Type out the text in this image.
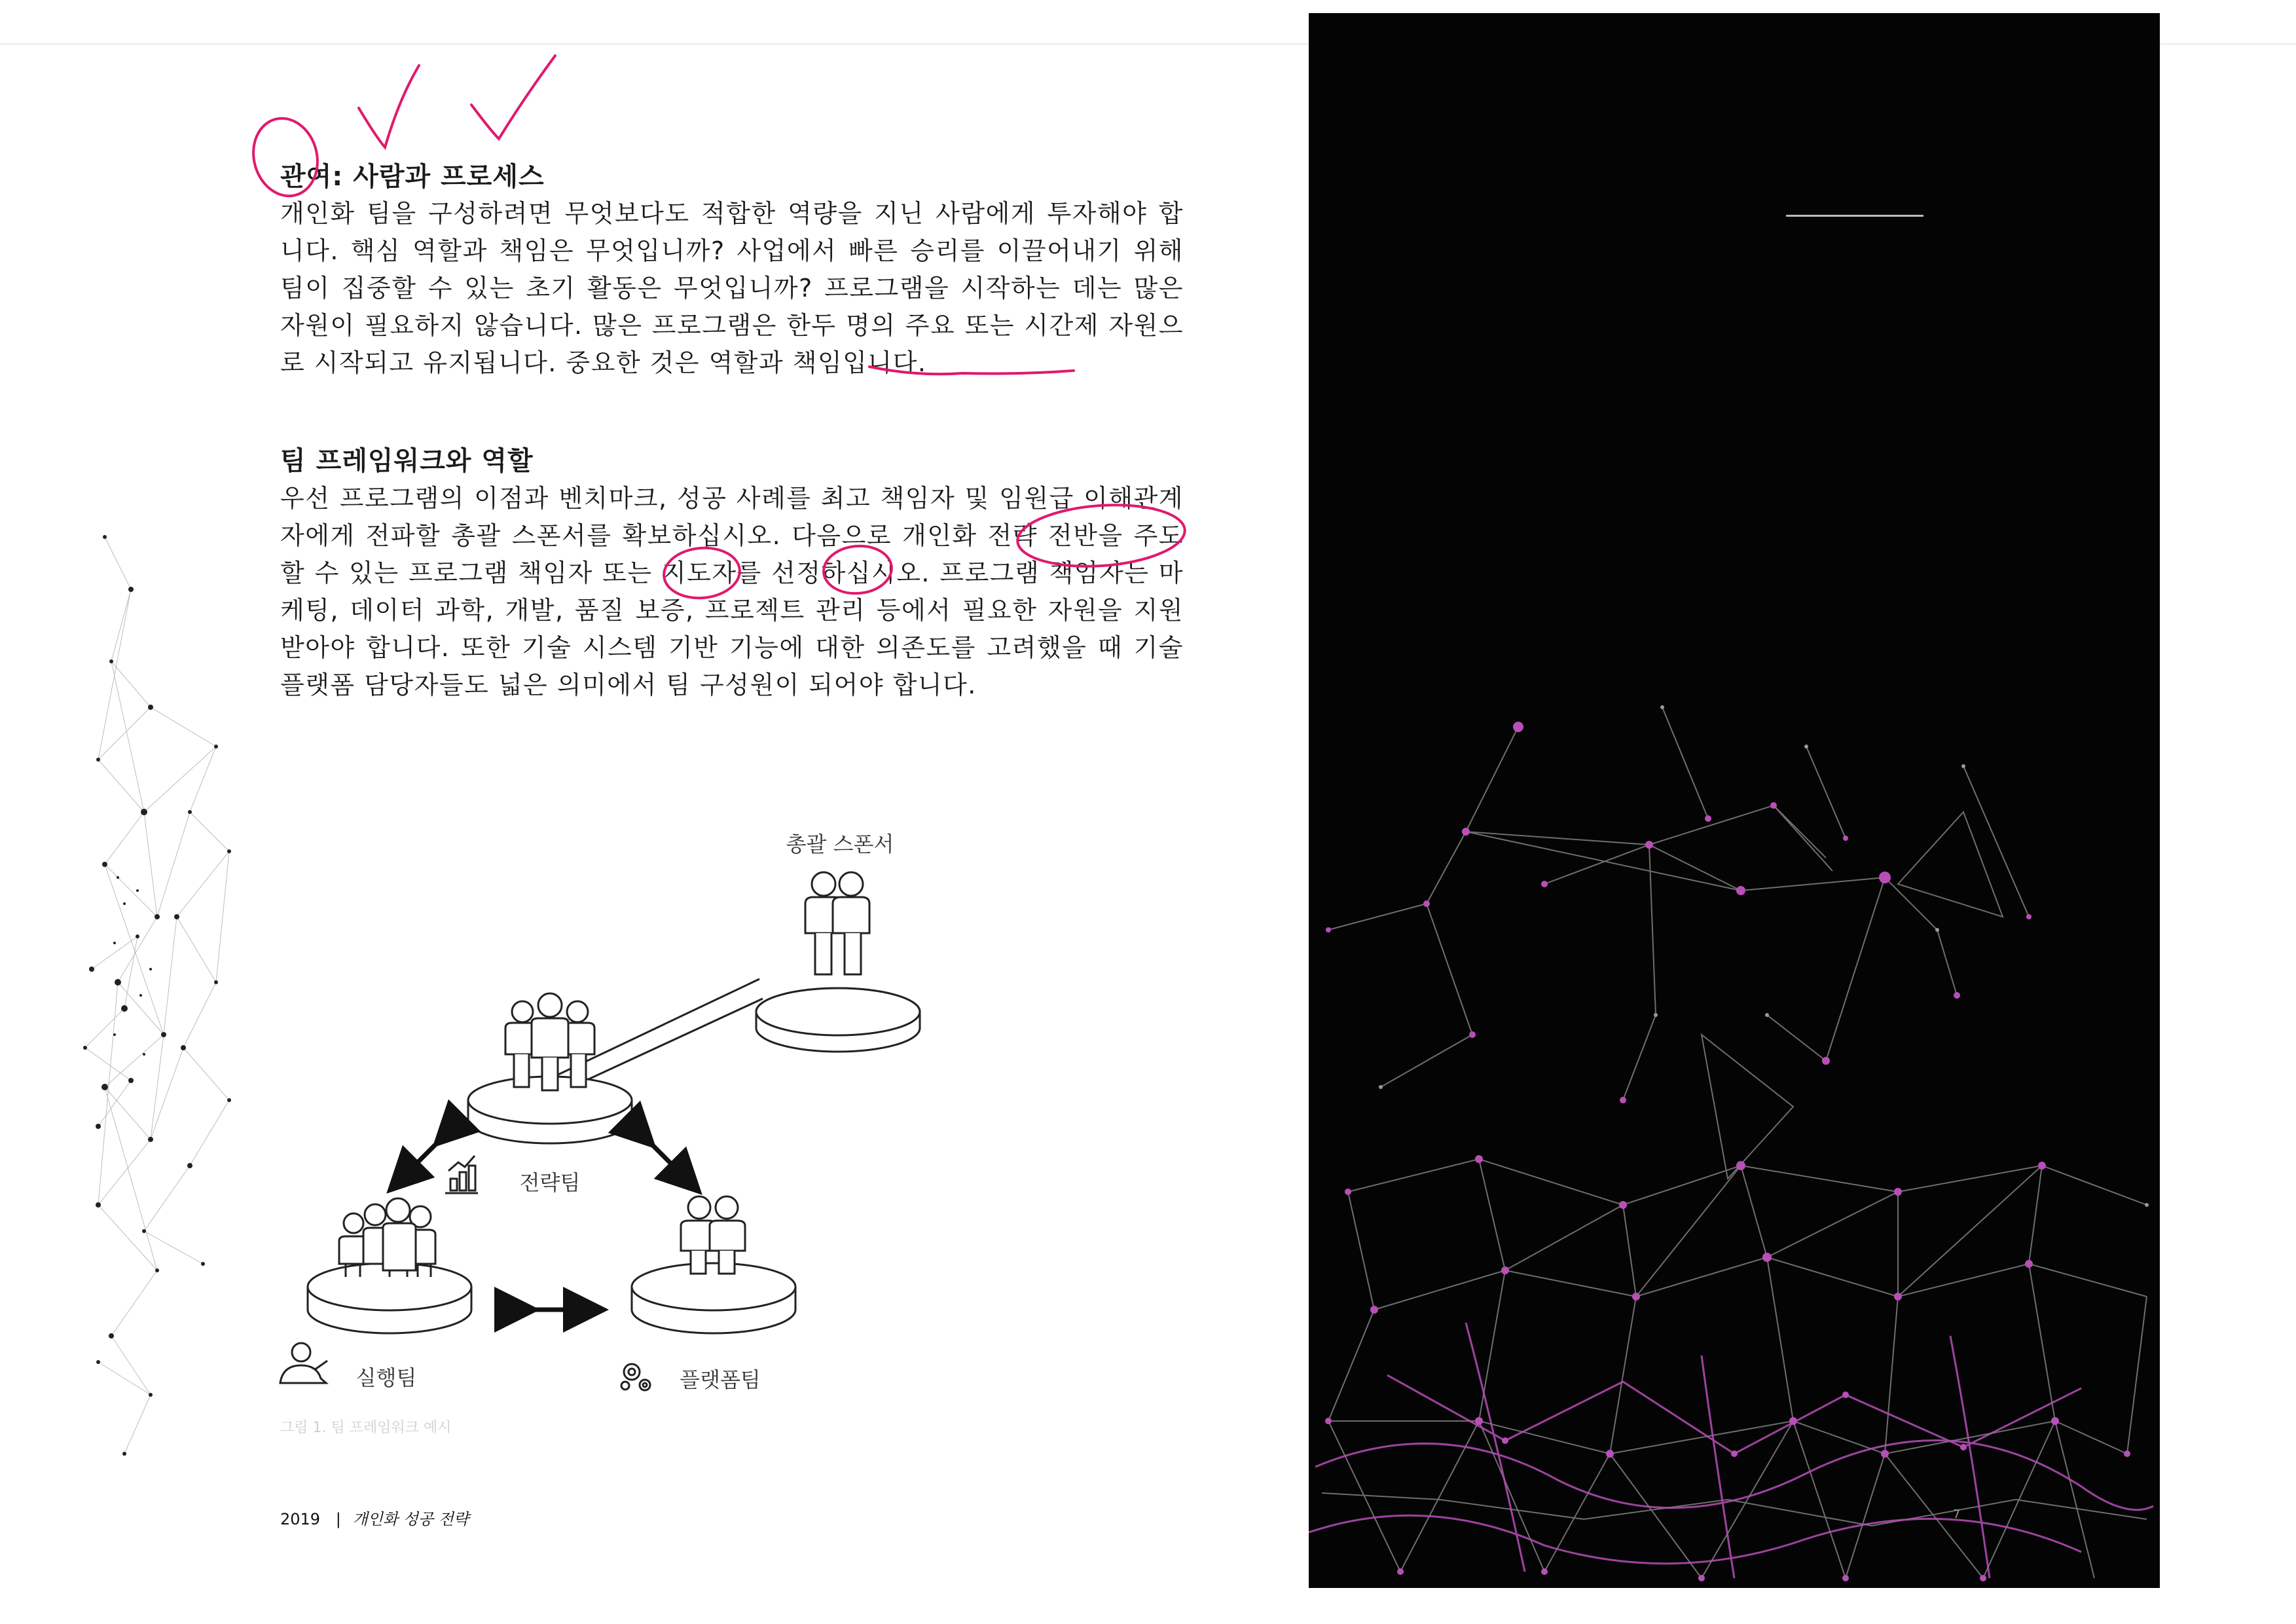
관여: 사람과 프로세스

개인화 팀을 구성하려면 무엇보다도 적합한 역량을 지닌 사람에게 투자해야 합니다. 핵심 역할과 책임은 무엇입니까? 사업에서 빠른 승리를 이끌어내기 위해 팀이 집중할 수 있는 초기 활동은 무엇입니까? 프로그램을 시작하는 데는 많은 자원이 필요하지 않습니다. 많은 프로그램은 한두 명의 주요 또는 시간제 자원으로 시작되고 유지됩니다. 중요한 것은 역할과 책임입니다.

팀 프레임워크와 역할

우선 프로그램의 이점과 벤치마크, 성공 사례를 최고 책임자 및 임원급 이해관계자에게 전파할 총괄 스폰서를 확보하십시오. 다음으로 개인화 전략 전반을 주도할 수 있는 프로그램 책임자 또는 지도자를 선정하십시오. 프로그램 책임자는 마케팅, 데이터 과학, 개발, 품질 보증, 프로젝트 관리 등에서 필요한 자원을 지원받아야 합니다. 또한 기술 시스템 기반 기능에 대한 의존도를 고려했을 때 기술 플랫폼 담당자들도 넓은 의미에서 팀 구성원이 되어야 합니다.

총괄 스폰서
전략팀
실행팀	플랫폼팀

그림 1. 팀 프레임워크 예시

2019 | 개인화 성공 전략	7
